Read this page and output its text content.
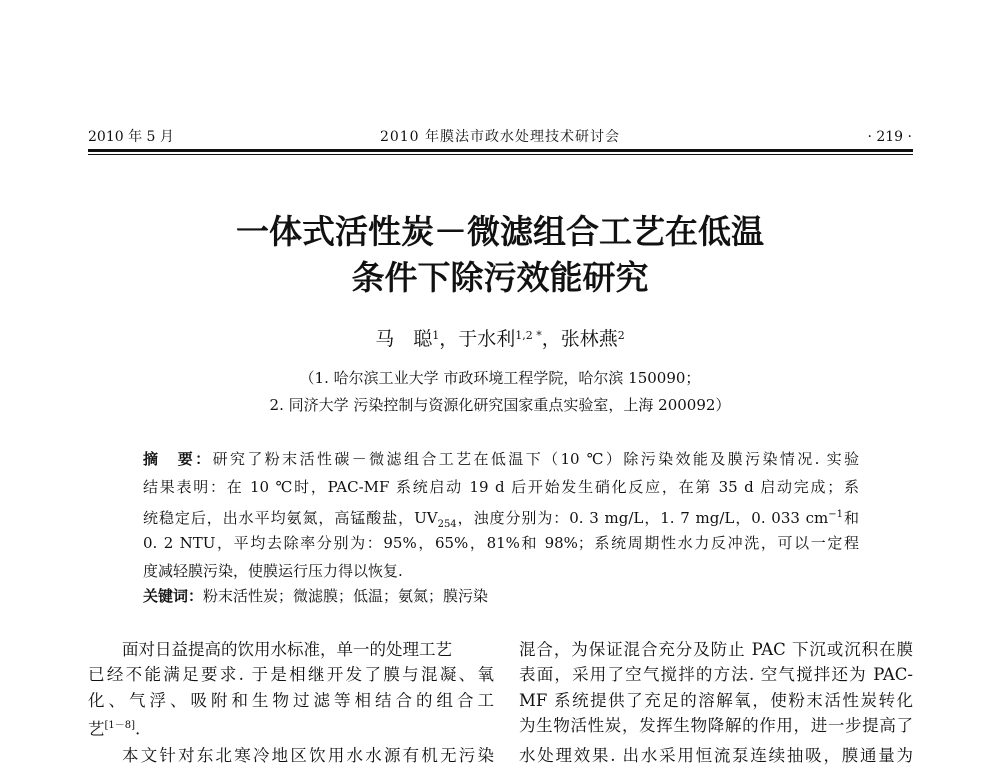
2010 年 5 月	2010 年膜法市政水处理技术研讨会	· 219 ·
一体式活性炭－微滤组合工艺在低温
条件下除污效能研究
马　聪$^1$，于水利$^{1,2 *}$，张林燕$^2$
（1. 哈尔滨工业大学 市政环境工程学院，哈尔滨 150090；
2. 同济大学 污染控制与资源化研究国家重点实验室，上海 200092）
摘　要：研究了粉末活性碳－微滤组合工艺在低温下（10 ℃）除污染效能及膜污染情况. 实验
结果表明：在 10 ℃时，PAC-MF 系统启动 19 d 后开始发生硝化反应，在第 35 d 启动完成；系
统稳定后，出水平均氨氮，高锰酸盐，$UV_{254}$，浊度分别为：0. 3 mg/L，1. 7 mg/L，0. 033 $cm^{-1}$和
0. 2 NTU，平均去除率分别为：95%，65%，81%和 98%；系统周期性水力反冲洗，可以一定程
度减轻膜污染，使膜运行压力得以恢复.
关键词：粉末活性炭；微滤膜；低温；氨氮；膜污染
面对日益提高的饮用水标准，单一的处理工艺
已经不能满足要求. 于是相继开发了膜与混凝、氧
化、气浮、吸附和生物过滤等相结合的组合工
艺[1－8].
本文针对东北寒冷地区饮用水水源有机无污染
混合，为保证混合充分及防止 PAC 下沉或沉积在膜
表面，采用了空气搅拌的方法. 空气搅拌还为 PAC-
MF 系统提供了充足的溶解氧，使粉末活性炭转化
为生物活性炭，发挥生物降解的作用，进一步提高了
水处理效果. 出水采用恒流泵连续抽吸，膜通量为
